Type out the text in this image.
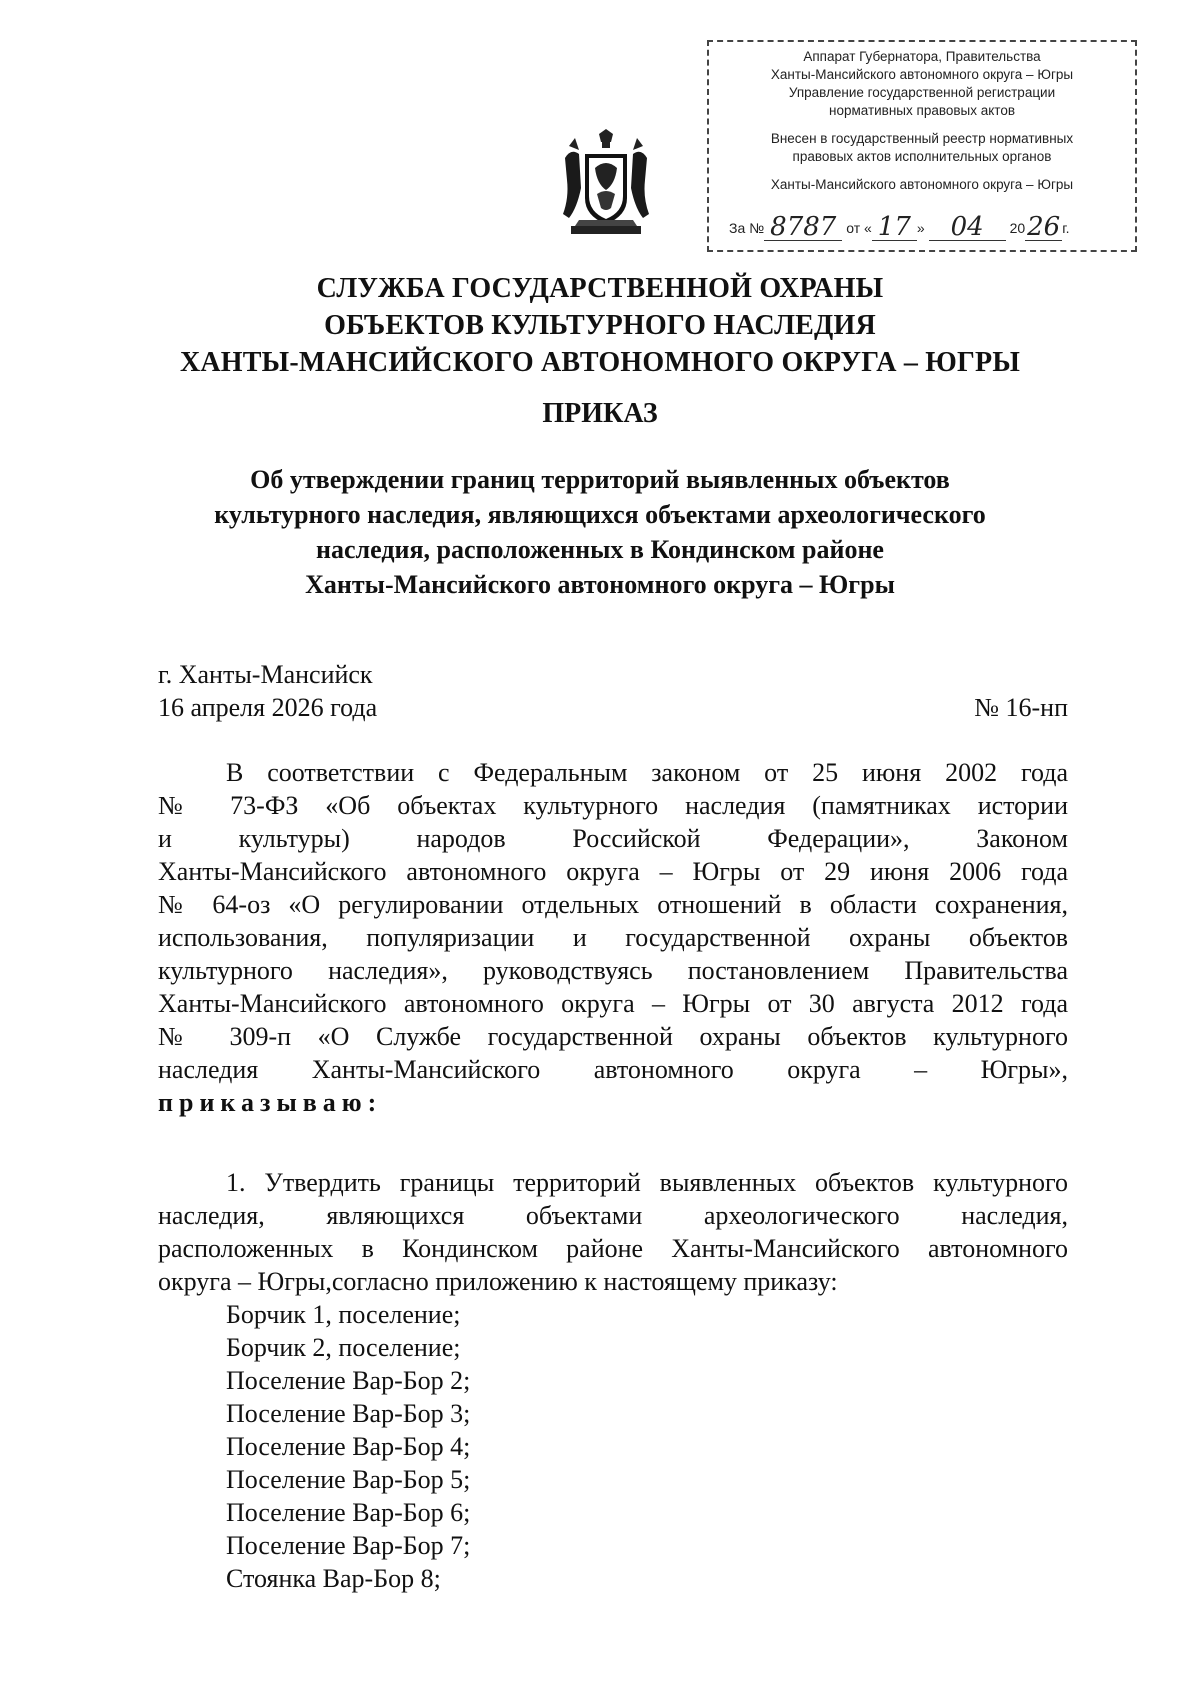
Аппарат Губернатора, Правительства
Ханты-Мансийского автономного округа – Югры
Управление государственной регистрации
нормативных правовых актов
Внесен в государственный реестр нормативных
правовых актов исполнительных органов
Ханты-Мансийского автономного округа – Югры
За № 8787 от « 17 » 04 2026 г.
СЛУЖБА ГОСУДАРСТВЕННОЙ ОХРАНЫ
ОБЪЕКТОВ КУЛЬТУРНОГО НАСЛЕДИЯ
ХАНТЫ-МАНСИЙСКОГО АВТОНОМНОГО ОКРУГА – ЮГРЫ
ПРИКАЗ
Об утверждении границ территорий выявленных объектов
культурного наследия, являющихся объектами археологического
наследия, расположенных в Кондинском районе
Ханты-Мансийского автономного округа – Югры
г. Ханты-Мансийск
16 апреля 2026 года	№ 16-нп
В соответствии с Федеральным законом от 25 июня 2002 года
№ 73-ФЗ «Об объектах культурного наследия (памятниках истории
и культуры) народов Российской Федерации», Законом
Ханты-Мансийского автономного округа – Югры от 29 июня 2006 года
№ 64-оз «О регулировании отдельных отношений в области сохранения,
использования, популяризации и государственной охраны объектов
культурного наследия», руководствуясь постановлением Правительства
Ханты-Мансийского автономного округа – Югры от 30 августа 2012 года
№ 309-п «О Службе государственной охраны объектов культурного
наследия Ханты-Мансийского автономного округа – Югры»,
приказываю:
1. Утвердить границы территорий выявленных объектов культурного
наследия, являющихся объектами археологического наследия,
расположенных в Кондинском районе Ханты-Мансийского автономного
округа – Югры,согласно приложению к настоящему приказу:
Борчик 1, поселение;
Борчик 2, поселение;
Поселение Вар-Бор 2;
Поселение Вар-Бор 3;
Поселение Вар-Бор 4;
Поселение Вар-Бор 5;
Поселение Вар-Бор 6;
Поселение Вар-Бор 7;
Стоянка Вар-Бор 8;
